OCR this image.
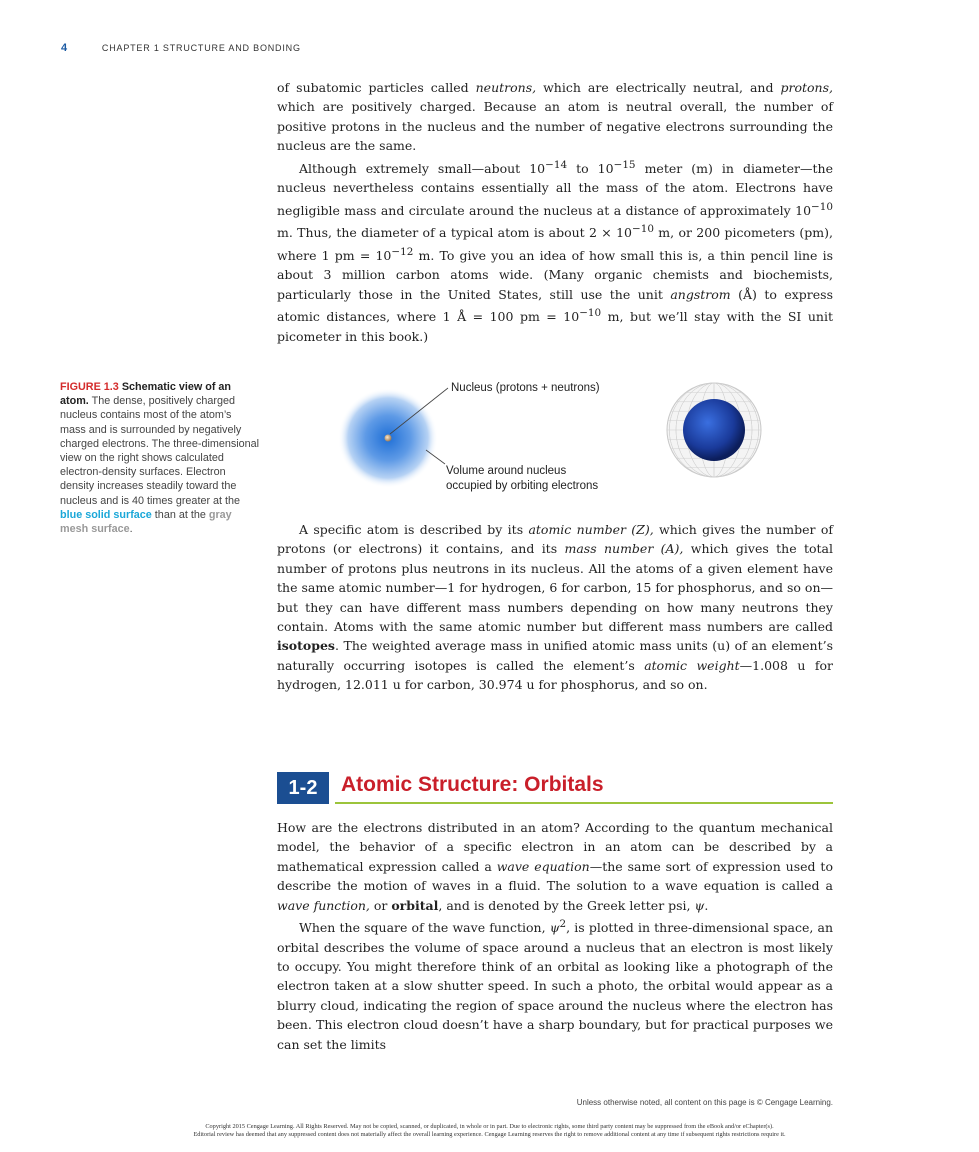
4	CHAPTER 1 STRUCTURE AND BONDING

of subatomic particles called neutrons, which are electrically neutral, and protons, which are positively charged. Because an atom is neutral overall, the number of positive protons in the nucleus and the number of negative electrons surrounding the nucleus are the same.

Although extremely small—about $10^{-14}$ to $10^{-15}$ meter (m) in diameter—the nucleus nevertheless contains essentially all the mass of the atom. Electrons have negligible mass and circulate around the nucleus at a distance of approximately $10^{-10}$ m. Thus, the diameter of a typical atom is about $2 \times 10^{-10}$ m, or 200 picometers (pm), where 1 pm = $10^{-12}$ m. To give you an idea of how small this is, a thin pencil line is about 3 million carbon atoms wide. (Many organic chemists and biochemists, particularly those in the United States, still use the unit angstrom (Å) to express atomic distances, where 1 Å = 100 pm = $10^{-10}$ m, but we’ll stay with the SI unit picometer in this book.)

FIGURE 1.3 Schematic view of an atom. The dense, positively charged nucleus contains most of the atom’s mass and is surrounded by negatively charged electrons. The three-dimensional view on the right shows calculated electron-density surfaces. Electron density increases steadily toward the nucleus and is 40 times greater at the blue solid surface than at the gray mesh surface.
Nucleus (protons + neutrons)
Volume around nucleus
occupied by orbiting electrons

A specific atom is described by its atomic number (Z), which gives the number of protons (or electrons) it contains, and its mass number (A), which gives the total number of protons plus neutrons in its nucleus. All the atoms of a given element have the same atomic number—1 for hydrogen, 6 for carbon, 15 for phosphorus, and so on—but they can have different mass numbers depending on how many neutrons they contain. Atoms with the same atomic number but different mass numbers are called isotopes. The weighted average mass in unified atomic mass units (u) of an element’s naturally occurring isotopes is called the element’s atomic weight—1.008 u for hydrogen, 12.011 u for carbon, 30.974 u for phosphorus, and so on.

1-2	Atomic Structure: Orbitals

How are the electrons distributed in an atom? According to the quantum mechanical model, the behavior of a specific electron in an atom can be described by a mathematical expression called a wave equation—the same sort of expression used to describe the motion of waves in a fluid. The solution to a wave equation is called a wave function, or orbital, and is denoted by the Greek letter psi, ψ.

When the square of the wave function, $\psi^2$, is plotted in three-dimensional space, an orbital describes the volume of space around a nucleus that an electron is most likely to occupy. You might therefore think of an orbital as looking like a photograph of the electron taken at a slow shutter speed. In such a photo, the orbital would appear as a blurry cloud, indicating the region of space around the nucleus where the electron has been. This electron cloud doesn’t have a sharp boundary, but for practical purposes we can set the limits

Unless otherwise noted, all content on this page is © Cengage Learning.
Copyright 2015 Cengage Learning. All Rights Reserved. May not be copied, scanned, or duplicated, in whole or in part. Due to electronic rights, some third party content may be suppressed from the eBook and/or eChapter(s).
Editorial review has deemed that any suppressed content does not materially affect the overall learning experience. Cengage Learning reserves the right to remove additional content at any time if subsequent rights restrictions require it.
